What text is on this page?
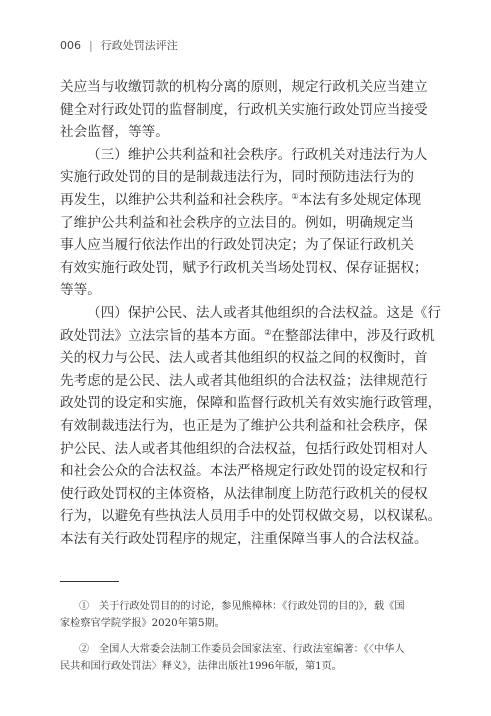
006 | 行政处罚法评注
关应当与收缴罚款的机构分离的原则，规定行政机关应当建立
健全对行政处罚的监督制度，行政机关实施行政处罚应当接受
社会监督，等等。
（三）维护公共利益和社会秩序。行政机关对违法行为人
实施行政处罚的目的是制裁违法行为，同时预防违法行为的
再发生，以维护公共利益和社会秩序。①本法有多处规定体现
了维护公共利益和社会秩序的立法目的。例如，明确规定当
事人应当履行依法作出的行政处罚决定；为了保证行政机关
有效实施行政处罚，赋予行政机关当场处罚权、保存证据权；
等等。
（四）保护公民、法人或者其他组织的合法权益。这是《行
政处罚法》立法宗旨的基本方面。②在整部法律中，涉及行政机
关的权力与公民、法人或者其他组织的权益之间的权衡时，首
先考虑的是公民、法人或者其他组织的合法权益；法律规范行
政处罚的设定和实施，保障和监督行政机关有效实施行政管理，
有效制裁违法行为，也正是为了维护公共利益和社会秩序，保
护公民、法人或者其他组织的合法权益，包括行政处罚相对人
和社会公众的合法权益。本法严格规定行政处罚的设定权和行
使行政处罚权的主体资格，从法律制度上防范行政机关的侵权
行为，以避免有些执法人员用手中的处罚权做交易，以权谋私。
本法有关行政处罚程序的规定，注重保障当事人的合法权益。
① 关于行政处罚目的的讨论，参见熊樟林：《行政处罚的目的》，载《国
家检察官学院学报》2020年第5期。
② 全国人大常委会法制工作委员会国家法室、行政法室编著：《〈中华人
民共和国行政处罚法〉释义》，法律出版社1996年版，第1页。
